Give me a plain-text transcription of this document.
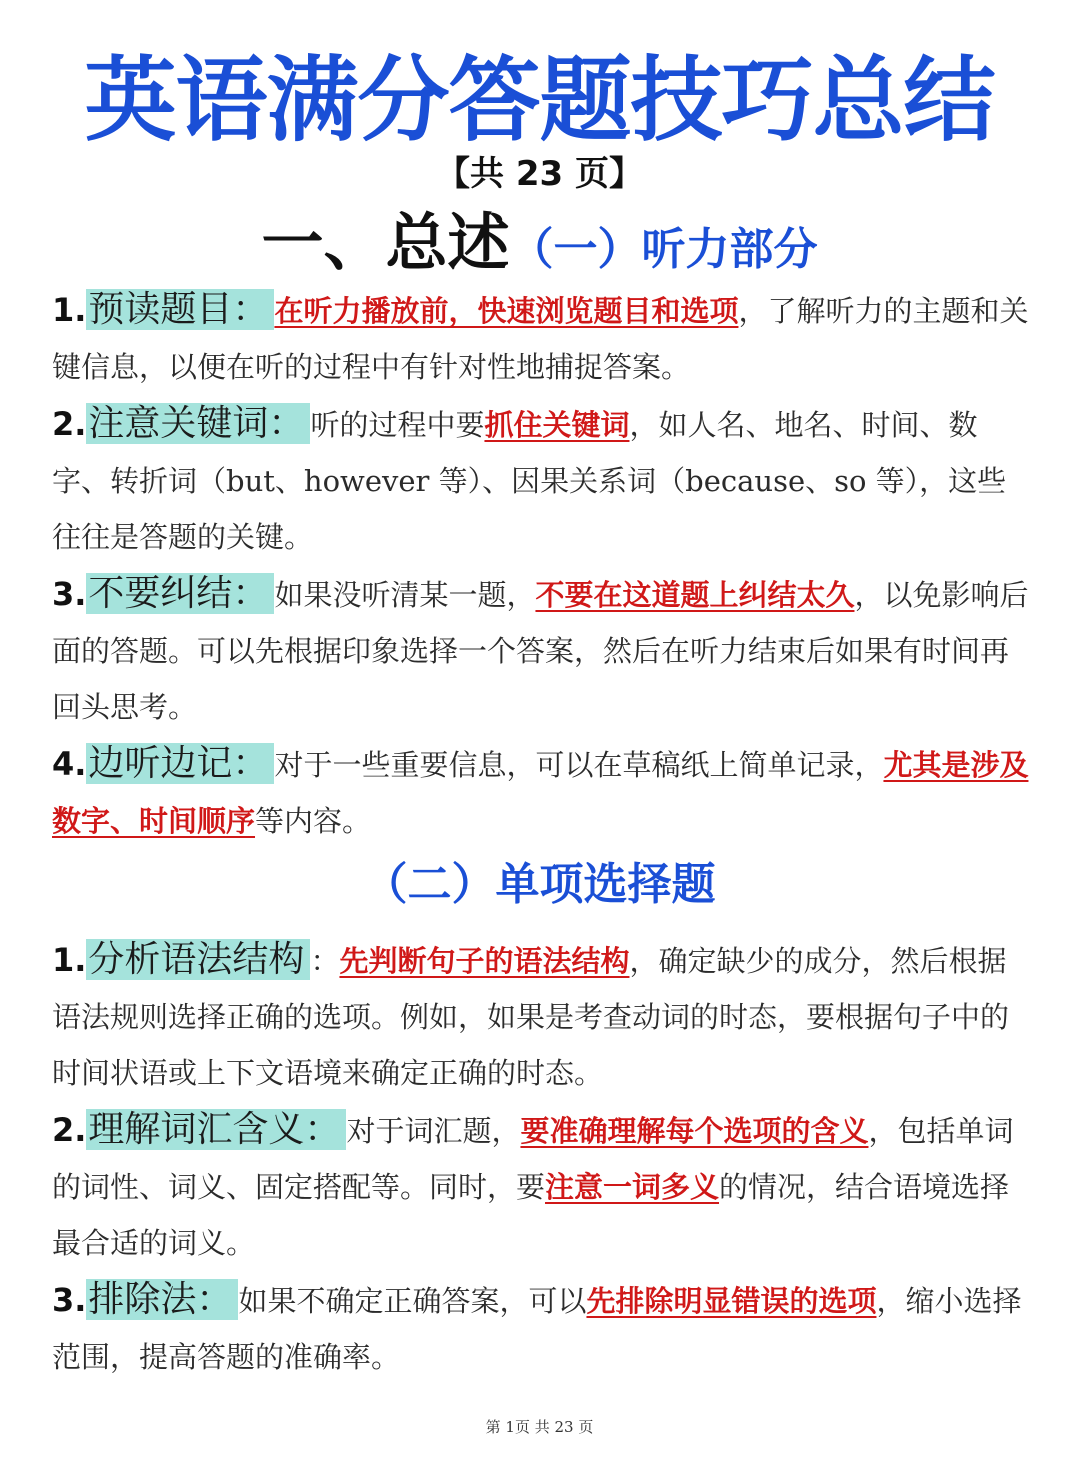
英语满分答题技巧总结
【共 23 页】
一、总述（一）听力部分
1.预读题目： 在听力播放前，快速浏览题目和选项，了解听力的主题和关键信息，以便在听的过程中有针对性地捕捉答案。
2.注意关键词： 听的过程中要抓住关键词，如人名、地名、时间、数字、转折词（but、however 等）、因果关系词（because、so 等），这些往往是答题的关键。
3.不要纠结： 如果没听清某一题，不要在这道题上纠结太久，以免影响后面的答题。可以先根据印象选择一个答案，然后在听力结束后如果有时间再回头思考。
4.边听边记： 对于一些重要信息，可以在草稿纸上简单记录，尤其是涉及数字、时间顺序等内容。
（二）单项选择题
1.分析语法结构 ：先判断句子的语法结构，确定缺少的成分，然后根据语法规则选择正确的选项。例如，如果是考查动词的时态，要根据句子中的时间状语或上下文语境来确定正确的时态。
2.理解词汇含义： 对于词汇题，要准确理解每个选项的含义，包括单词的词性、词义、固定搭配等。同时，要注意一词多义的情况，结合语境选择最合适的词义。
3.排除法： 如果不确定正确答案，可以先排除明显错误的选项，缩小选择范围，提高答题的准确率。
第 1页 共 23 页
